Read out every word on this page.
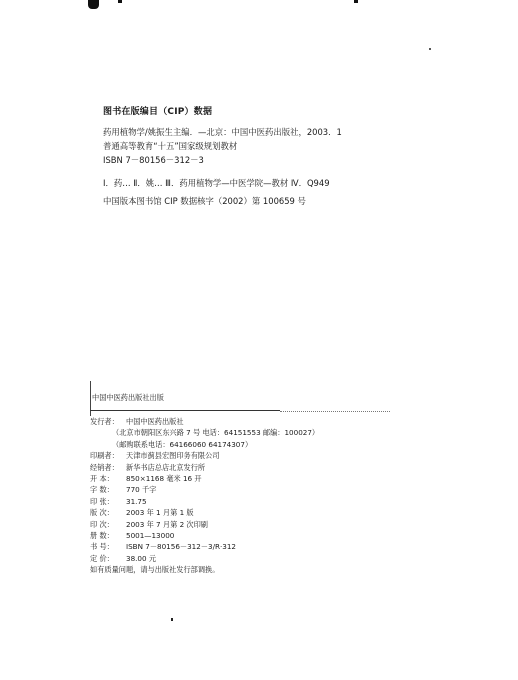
图书在版编目（CIP）数据

药用植物学/姚振生主编．—北京：中国中医药出版社，2003．1

普通高等教育“十五”国家级规划教材

ISBN 7－80156－312－3

Ⅰ．药… Ⅱ．姚… Ⅲ．药用植物学—中医学院—教材 Ⅳ．Q949

中国版本图书馆 CIP 数据核字（2002）第 100659 号

中国中医药出版社出版

发行者： 中国中医药出版社

（北京市朝阳区东兴路 7 号 电话：64151553 邮编：100027）

（邮购联系电话：64166060 64174307）

印刷者： 天津市蓟县宏图印务有限公司

经销者： 新华书店总店北京发行所

开 本： 850×1168 毫米 16 开

字 数： 770 千字

印 张： 31.75

版 次： 2003 年 1 月第 1 版

印 次： 2003 年 7 月第 2 次印刷

册 数： 5001—13000

书 号： ISBN 7－80156－312－3/R·312

定 价： 38.00 元

如有质量问题，请与出版社发行部调换。
